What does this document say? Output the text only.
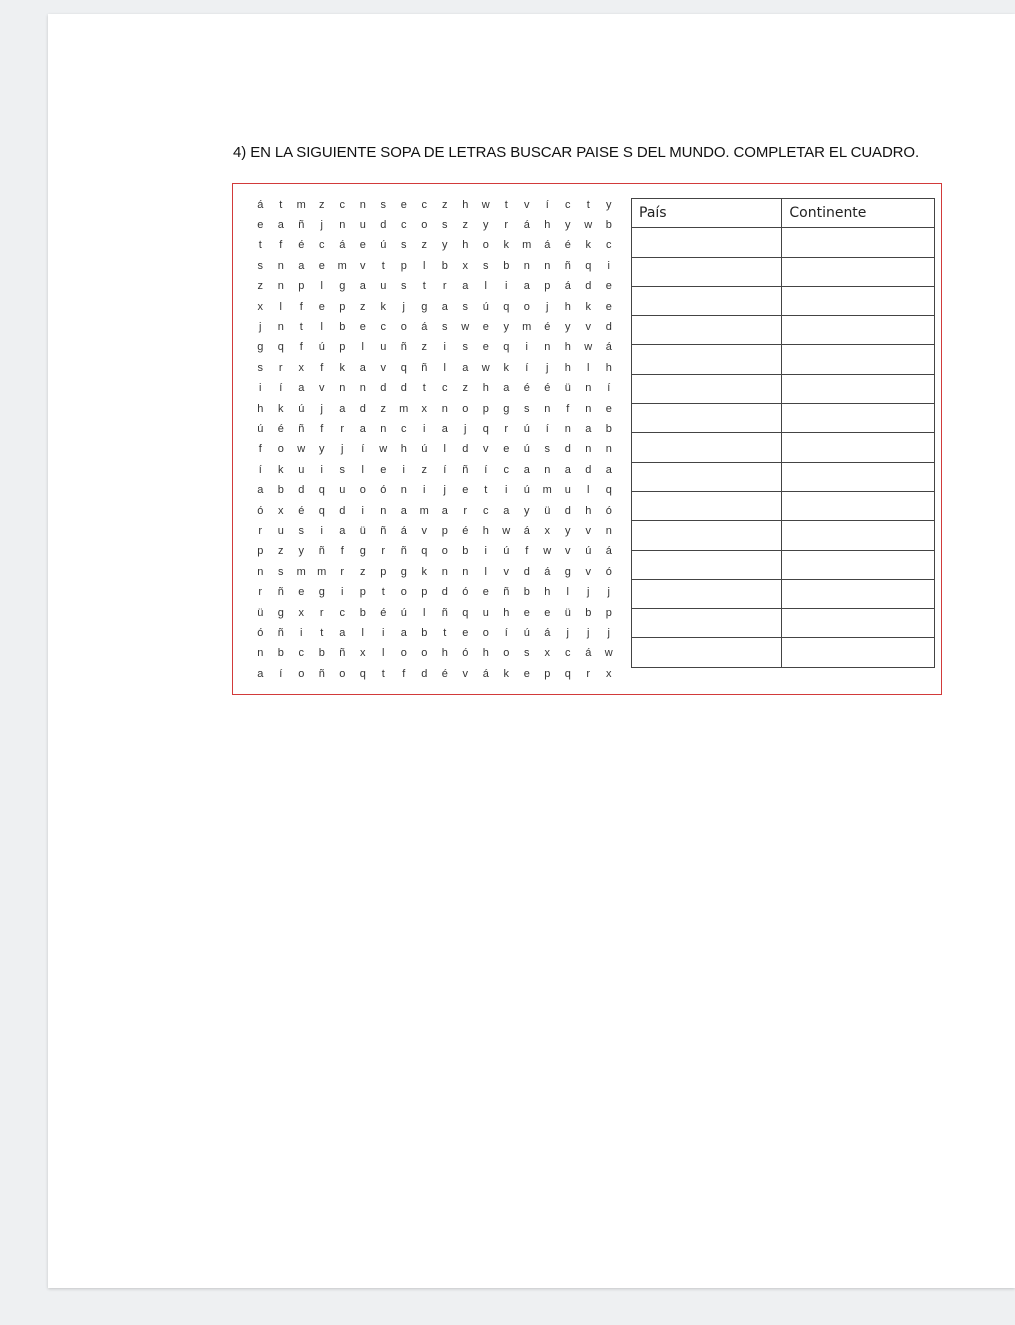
4) EN LA SIGUIENTE SOPA DE LETRAS BUSCAR PAISE S DEL MUNDO. COMPLETAR EL CUADRO.

á	t	m	z	c	n	s	e	c	z	h	w	t	v	í	c	t	y
e	a	ñ	j	n	u	d	c	o	s	z	y	r	á	h	y	w	b
t	f	é	c	á	e	ú	s	z	y	h	o	k	m	á	é	k	c
s	n	a	e	m	v	t	p	l	b	x	s	b	n	n	ñ	q	i
z	n	p	l	g	a	u	s	t	r	a	l	i	a	p	á	d	e
x	l	f	e	p	z	k	j	g	a	s	ú	q	o	j	h	k	e
j	n	t	l	b	e	c	o	á	s	w	e	y	m	é	y	v	d
g	q	f	ú	p	l	u	ñ	z	i	s	e	q	i	n	h	w	á
s	r	x	f	k	a	v	q	ñ	l	a	w	k	í	j	h	l	h
i	í	a	v	n	n	d	d	t	c	z	h	a	é	é	ü	n	í
h	k	ú	j	a	d	z	m	x	n	o	p	g	s	n	f	n	e
ú	é	ñ	f	r	a	n	c	i	a	j	q	r	ú	í	n	a	b
f	o	w	y	j	í	w	h	ú	l	d	v	e	ú	s	d	n	n
í	k	u	i	s	l	e	i	z	í	ñ	í	c	a	n	a	d	a
a	b	d	q	u	o	ó	n	i	j	e	t	i	ú	m	u	l	q
ó	x	é	q	d	i	n	a	m	a	r	c	a	y	ü	d	h	ó
r	u	s	i	a	ü	ñ	á	v	p	é	h	w	á	x	y	v	n
p	z	y	ñ	f	g	r	ñ	q	o	b	i	ú	f	w	v	ú	á
n	s	m	m	r	z	p	g	k	n	n	l	v	d	á	g	v	ó
r	ñ	e	g	i	p	t	o	p	d	ó	e	ñ	b	h	l	j	j
ü	g	x	r	c	b	é	ú	l	ñ	q	u	h	e	e	ü	b	p
ó	ñ	i	t	a	l	i	a	b	t	e	o	í	ú	á	j	j	j
n	b	c	b	ñ	x	l	o	o	h	ó	h	o	s	x	c	á	w
a	í	o	ñ	o	q	t	f	d	é	v	á	k	e	p	q	r	x
País	Continente
